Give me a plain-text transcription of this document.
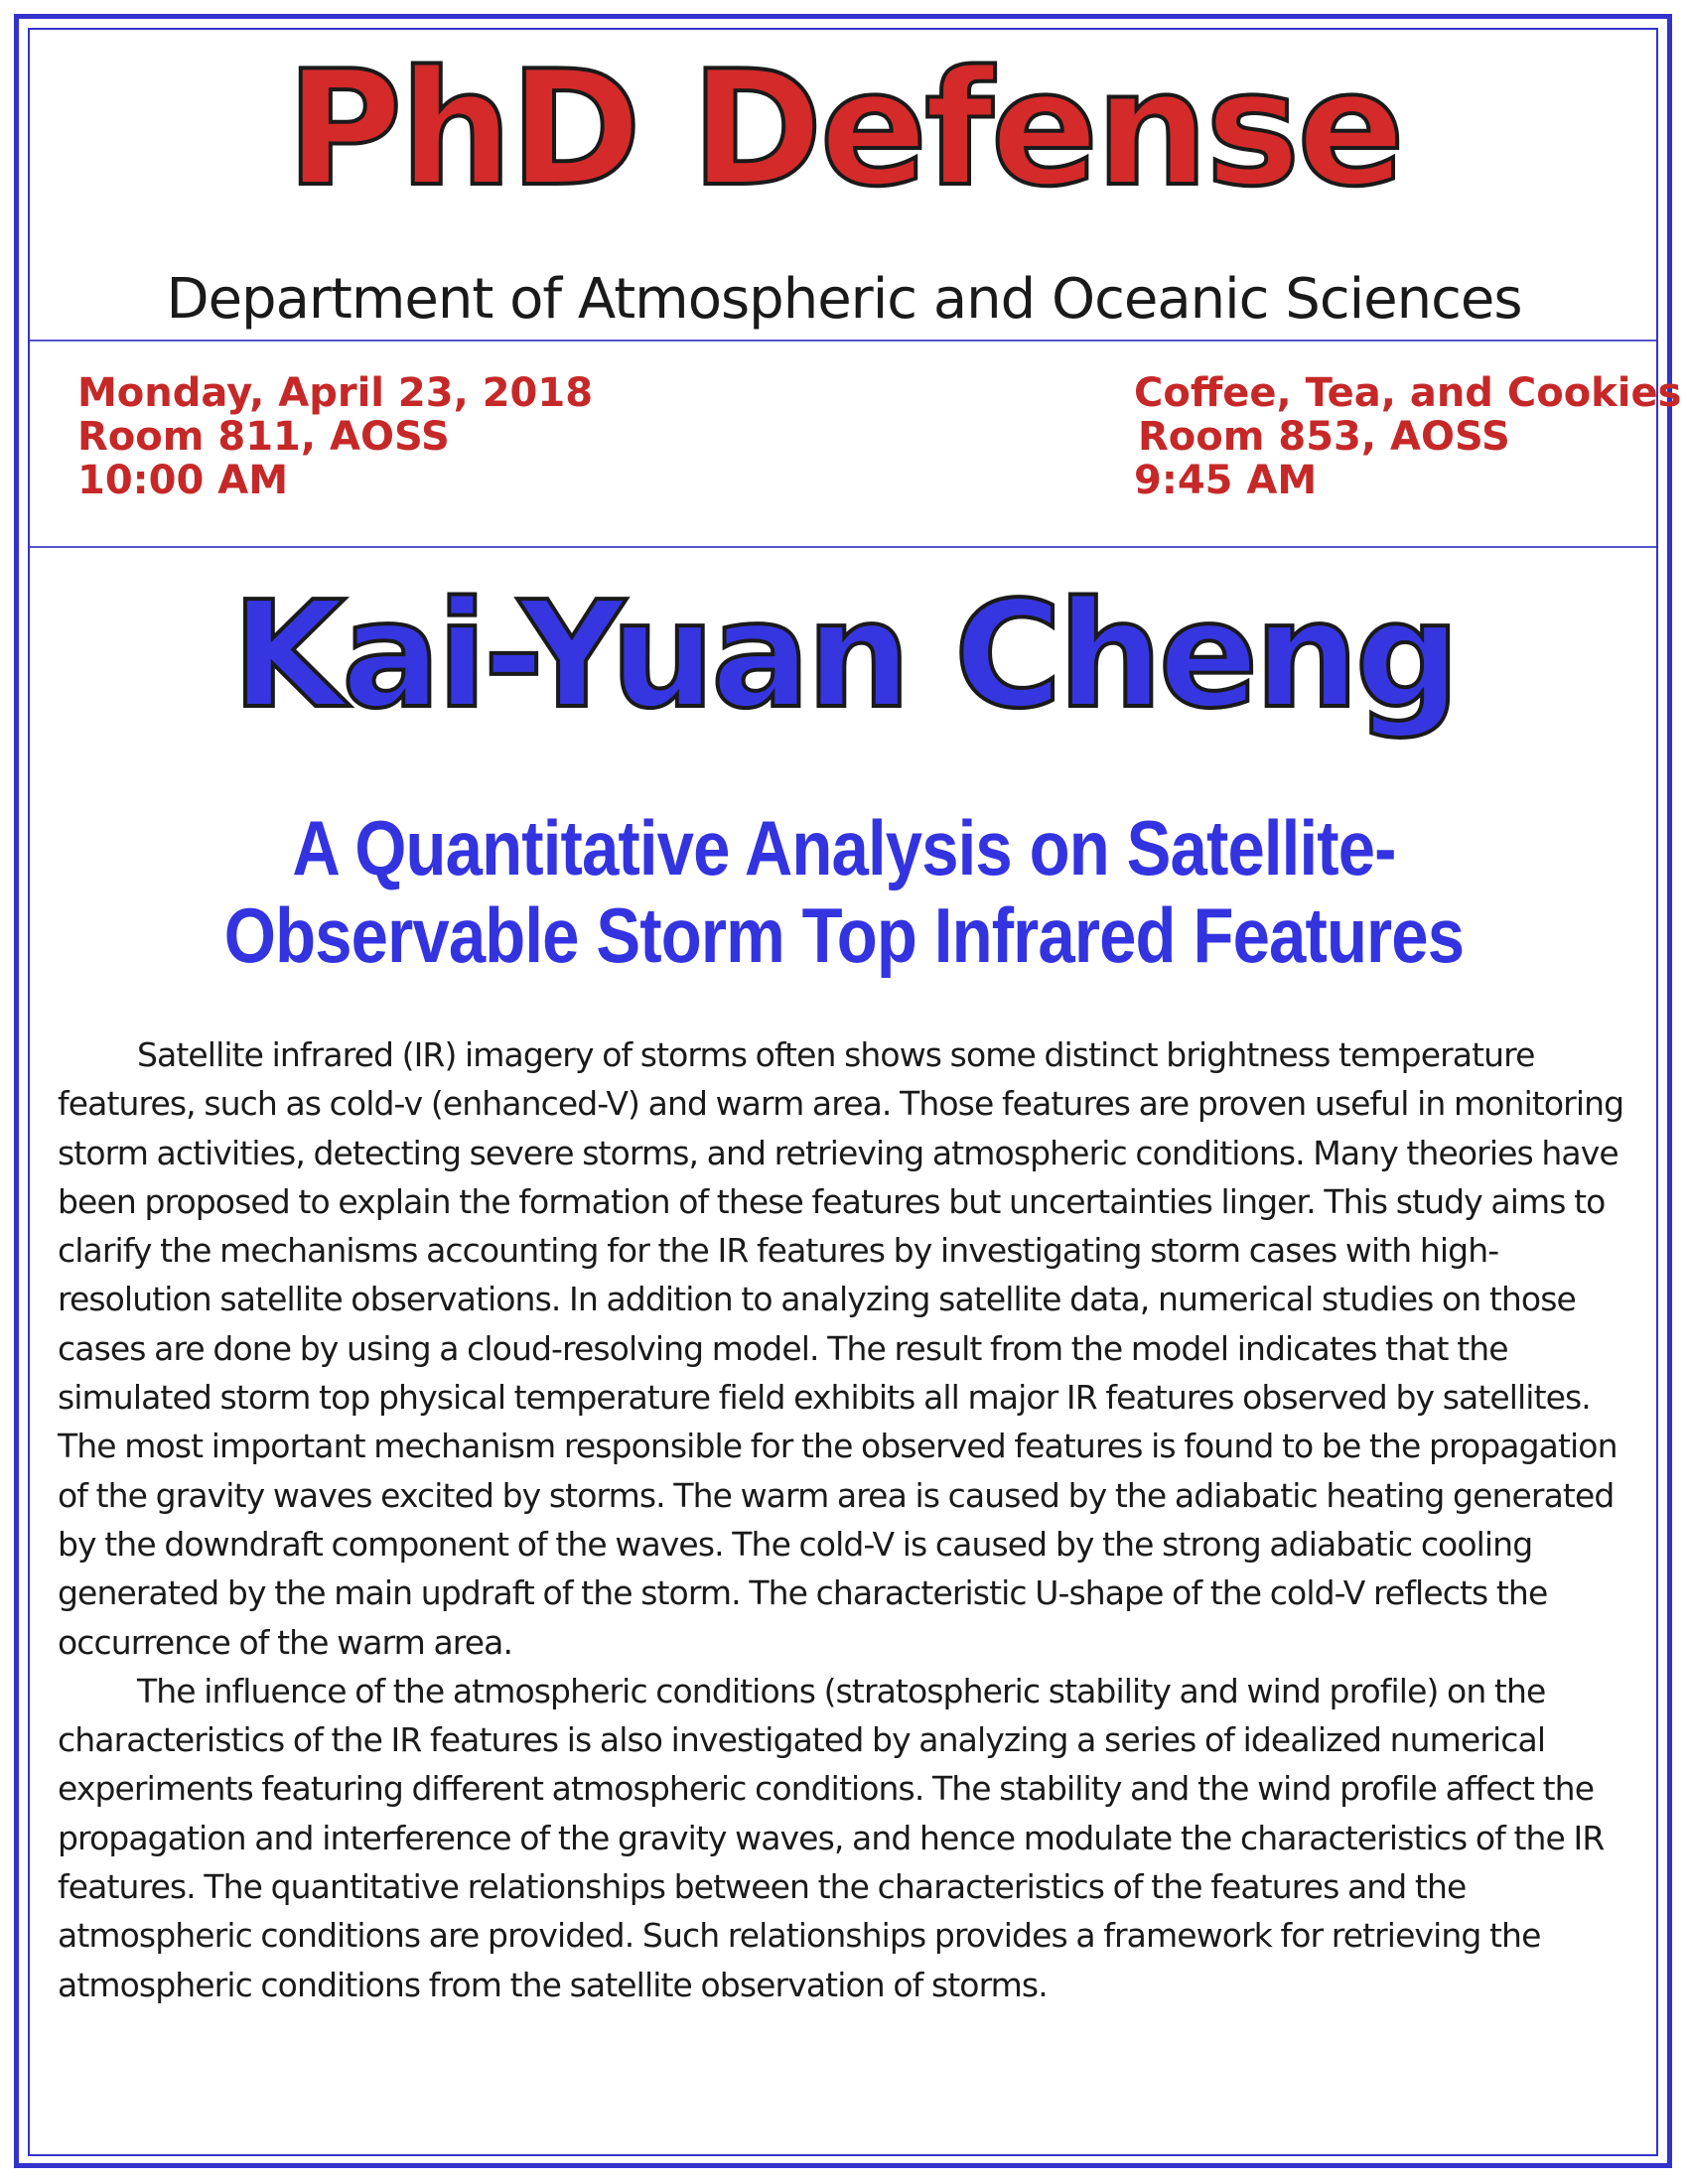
PhD Defense
Department of Atmospheric and Oceanic Sciences
Monday, April 23, 2018
Room 811, AOSS
10:00 AM
Coffee, Tea, and Cookies
Room 853, AOSS
9:45 AM
Kai-Yuan Cheng
A Quantitative Analysis on Satellite-
Observable Storm Top Infrared Features

Satellite infrared (IR) imagery of storms often shows some distinct brightness temperature features, such as cold-v (enhanced-V) and warm area. Those features are proven useful in monitoring storm activities, detecting severe storms, and retrieving atmospheric conditions. Many theories have been proposed to explain the formation of these features but uncertainties linger. This study aims to clarify the mechanisms accounting for the IR features by investigating storm cases with high-resolution satellite observations. In addition to analyzing satellite data, numerical studies on those cases are done by using a cloud-resolving model. The result from the model indicates that the simulated storm top physical temperature field exhibits all major IR features observed by satellites. The most important mechanism responsible for the observed features is found to be the propagation of the gravity waves excited by storms. The warm area is caused by the adiabatic heating generated by the downdraft component of the waves. The cold-V is caused by the strong adiabatic cooling generated by the main updraft of the storm. The characteristic U-shape of the cold-V reflects the occurrence of the warm area.

The influence of the atmospheric conditions (stratospheric stability and wind profile) on the characteristics of the IR features is also investigated by analyzing a series of idealized numerical experiments featuring different atmospheric conditions. The stability and the wind profile affect the propagation and interference of the gravity waves, and hence modulate the characteristics of the IR features. The quantitative relationships between the characteristics of the features and the atmospheric conditions are provided. Such relationships provides a framework for retrieving the atmospheric conditions from the satellite observation of storms.
